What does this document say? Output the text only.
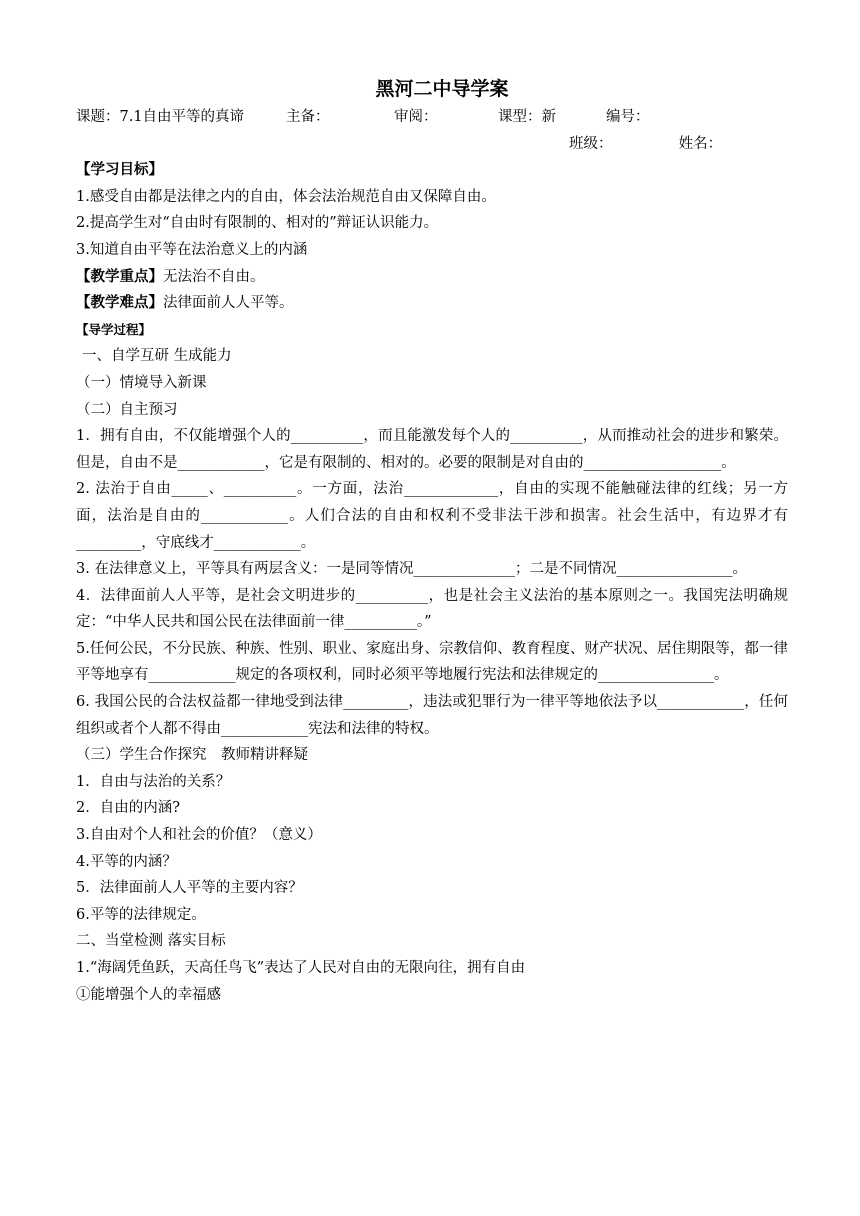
黑河二中导学案
课题：7.1自由平等的真谛	主备：	审阅：	课型：新	编号：
班级：	姓名：
【学习目标】
1.感受自由都是法律之内的自由，体会法治规范自由又保障自由。
2.提高学生对“自由时有限制的、相对的”辩证认识能力。
3.知道自由平等在法治意义上的内涵
【教学重点】无法治不自由。
【教学难点】法律面前人人平等。
【导学过程】
一、自学互研 生成能力
（一）情境导入新课
（二）自主预习
1．拥有自由，不仅能增强个人的__________，而且能激发每个人的__________，从而推动社会的进步和繁荣。但是，自由不是____________，它是有限制的、相对的。必要的限制是对自由的___________________。
2. 法治于自由_____、__________。一方面，法治_____________，自由的实现不能触碰法律的红线；另一方面，法治是自由的____________。人们合法的自由和权利不受非法干涉和损害。社会生活中，有边界才有_________，守底线才____________。
3. 在法律意义上，平等具有两层含义：一是同等情况______________；二是不同情况________________。
4．法律面前人人平等，是社会文明进步的__________，也是社会主义法治的基本原则之一。我国宪法明确规定：“中华人民共和国公民在法律面前一律__________。”
5.任何公民，不分民族、种族、性别、职业、家庭出身、宗教信仰、教育程度、财产状况、居住期限等，都一律平等地享有____________规定的各项权利，同时必须平等地履行宪法和法律规定的________________。
6. 我国公民的合法权益都一律地受到法律_________，违法或犯罪行为一律平等地依法予以____________，任何组织或者个人都不得由____________宪法和法律的特权。
（三）学生合作探究　教师精讲释疑
1．自由与法治的关系？
2．自由的内涵?
3.自由对个人和社会的价值？（意义）
4.平等的内涵？
5．法律面前人人平等的主要内容？
6.平等的法律规定。
二、当堂检测 落实目标
1.“海阔凭鱼跃，天高任鸟飞”表达了人民对自由的无限向往，拥有自由
①能增强个人的幸福感
